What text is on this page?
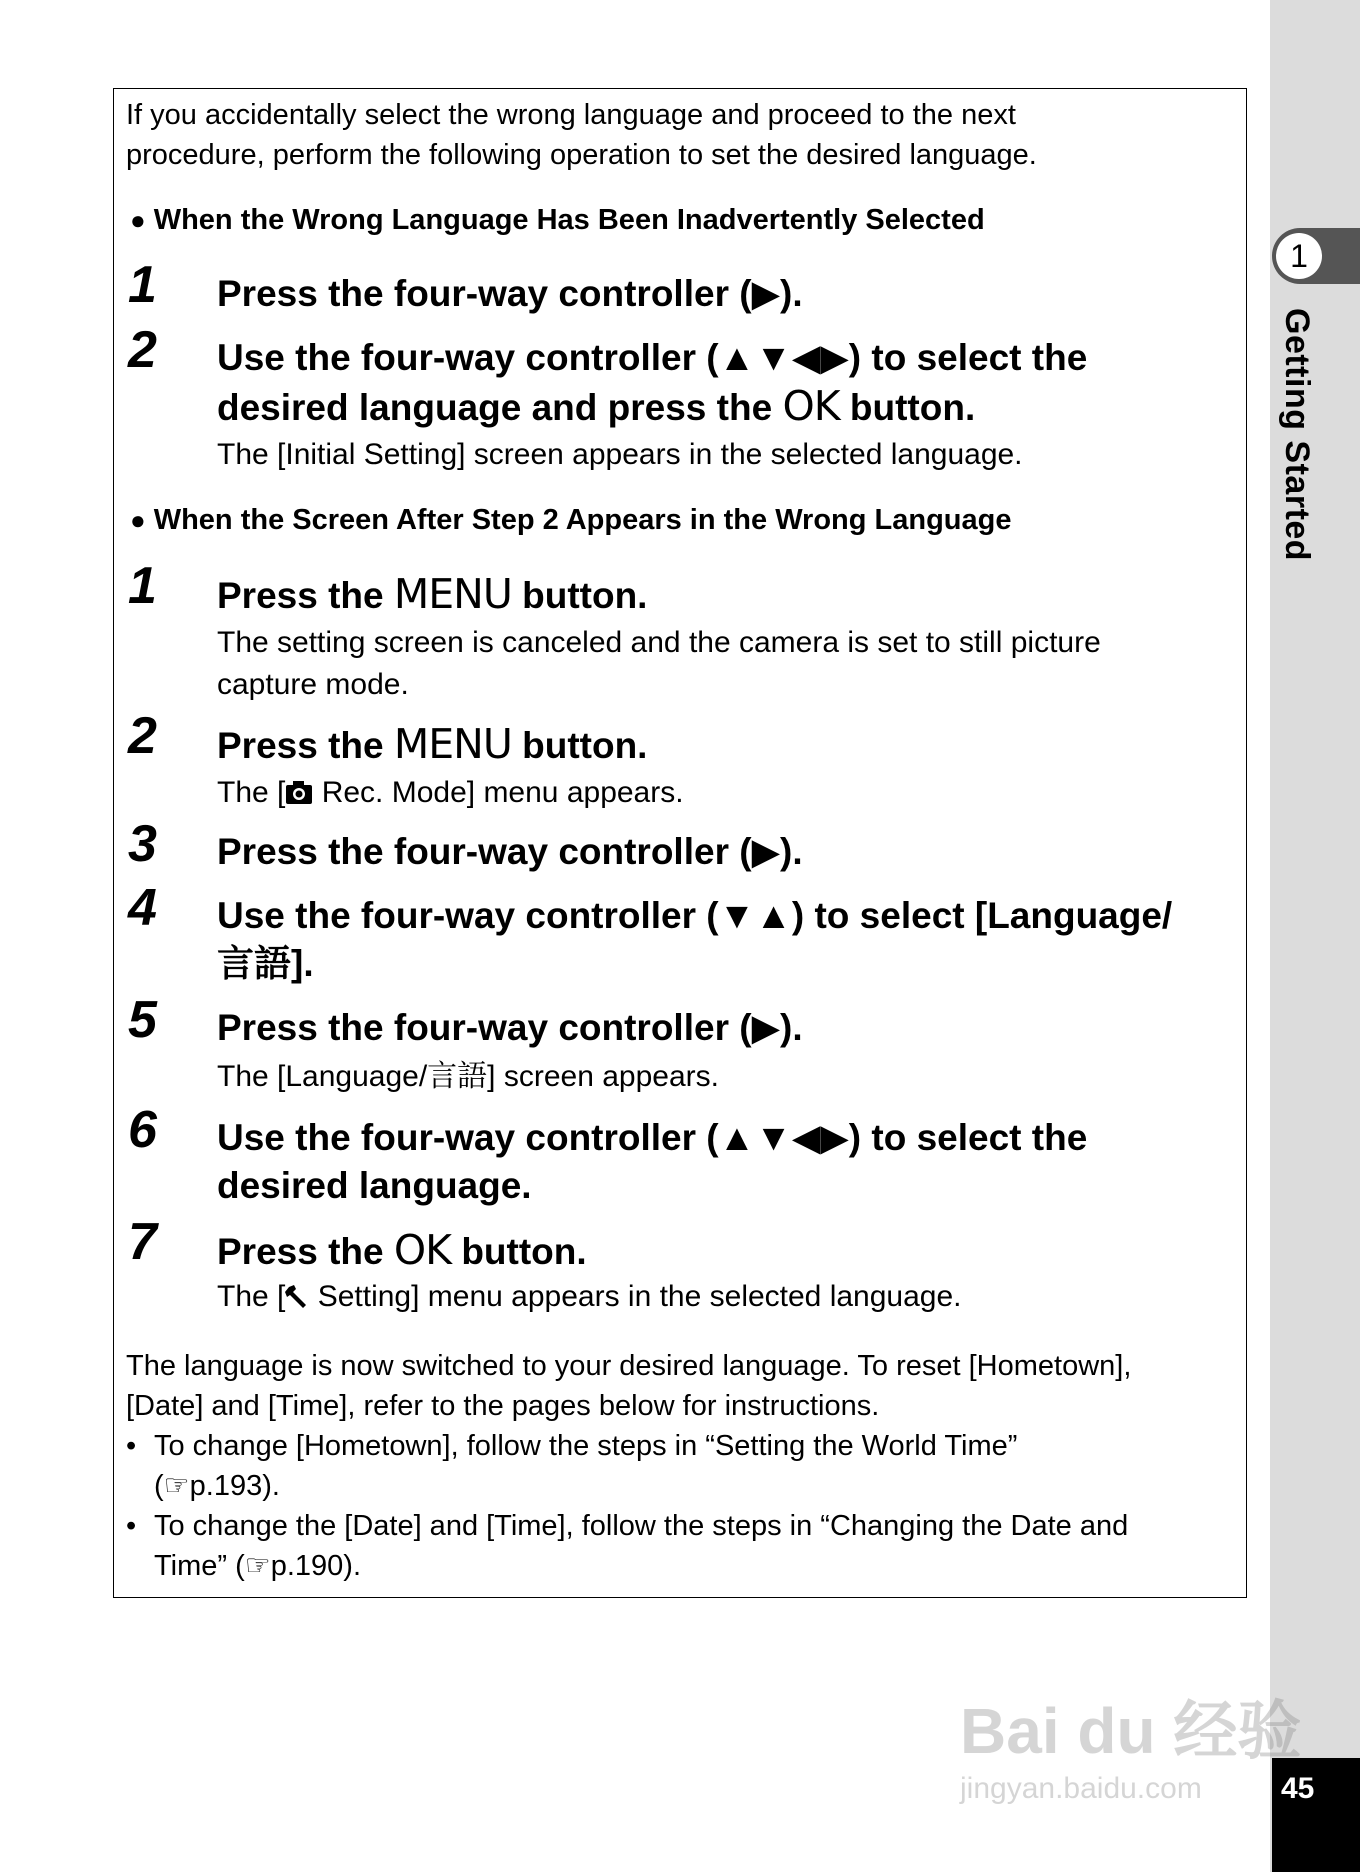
1
Getting Started
45
If you accidentally select the wrong language and proceed to the next
procedure, perform the following operation to set the desired language.
● When the Wrong Language Has Been Inadvertently Selected
1 Press the four-way controller (▶).
2 Use the four-way controller (▲▼◀▶) to select the
desired language and press the OK button.
The [Initial Setting] screen appears in the selected language.
● When the Screen After Step 2 Appears in the Wrong Language
1 Press the MENU button.
The setting screen is canceled and the camera is set to still picture
capture mode.
2 Press the MENU button.
The [ Rec. Mode] menu appears.
3 Press the four-way controller (▶).
4 Use the four-way controller (▼▲) to select [Language/
言語].
5 Press the four-way controller (▶).
The [Language/言語] screen appears.
6 Use the four-way controller (▲▼◀▶) to select the
desired language.
7 Press the OK button.
The [ Setting] menu appears in the selected language.
The language is now switched to your desired language. To reset [Hometown],
[Date] and [Time], refer to the pages below for instructions.
• To change [Hometown], follow the steps in “Setting the World Time”
(☞p.193).
• To change the [Date] and [Time], follow the steps in “Changing the Date and
Time” (☞p.190).
Bai du 经验
jingyan.baidu.com
